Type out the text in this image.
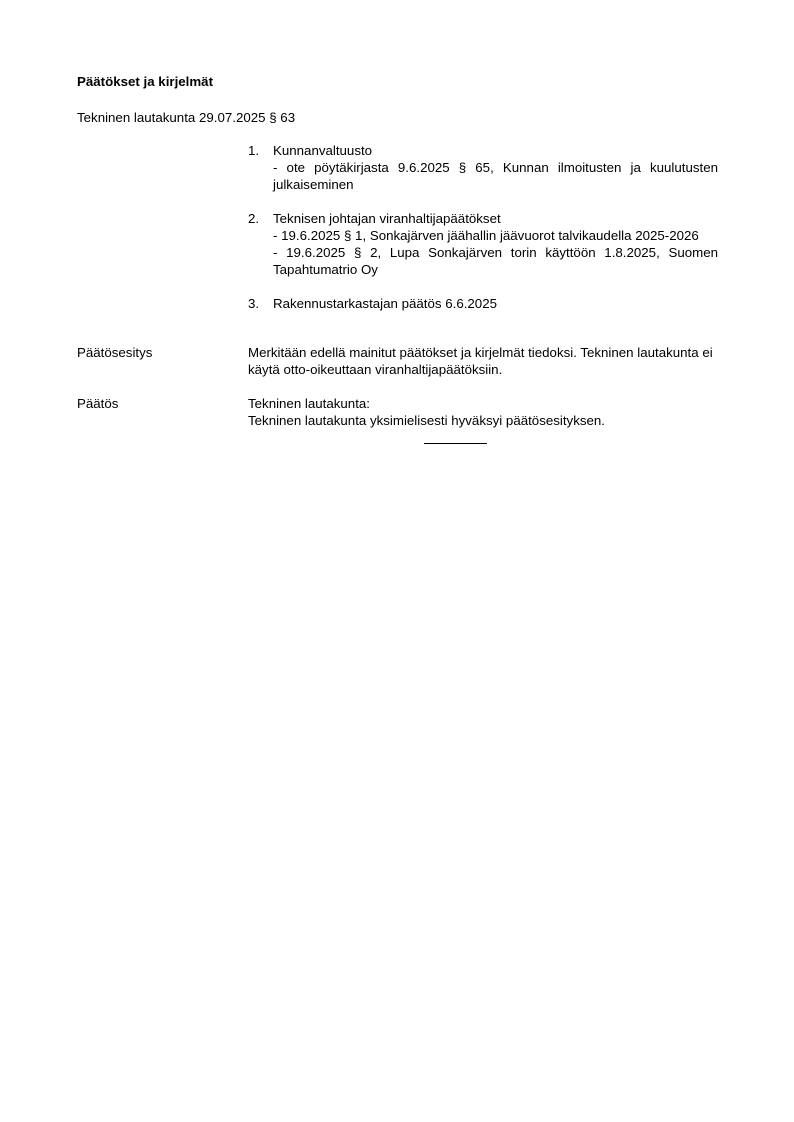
Päätökset ja kirjelmät

Tekninen lautakunta 29.07.2025 § 63

1. Kunnanvaltuusto
- ote pöytäkirjasta 9.6.2025 § 65, Kunnan ilmoitusten ja kuulutusten julkaiseminen
2. Teknisen johtajan viranhaltijapäätökset
- 19.6.2025 § 1, Sonkajärven jäähallin jäävuorot talvikaudella 2025-2026
- 19.6.2025 § 2, Lupa Sonkajärven torin käyttöön 1.8.2025, Suomen Tapahtumatrio Oy
3. Rakennustarkastajan päätös 6.6.2025
Päätösesitys	Merkitään edellä mainitut päätökset ja kirjelmät tiedoksi. Tekninen lautakunta ei käytä otto-oikeuttaan viranhaltijapäätöksiin.
Päätös	Tekninen lautakunta:
Tekninen lautakunta yksimielisesti hyväksyi päätösesityksen.
